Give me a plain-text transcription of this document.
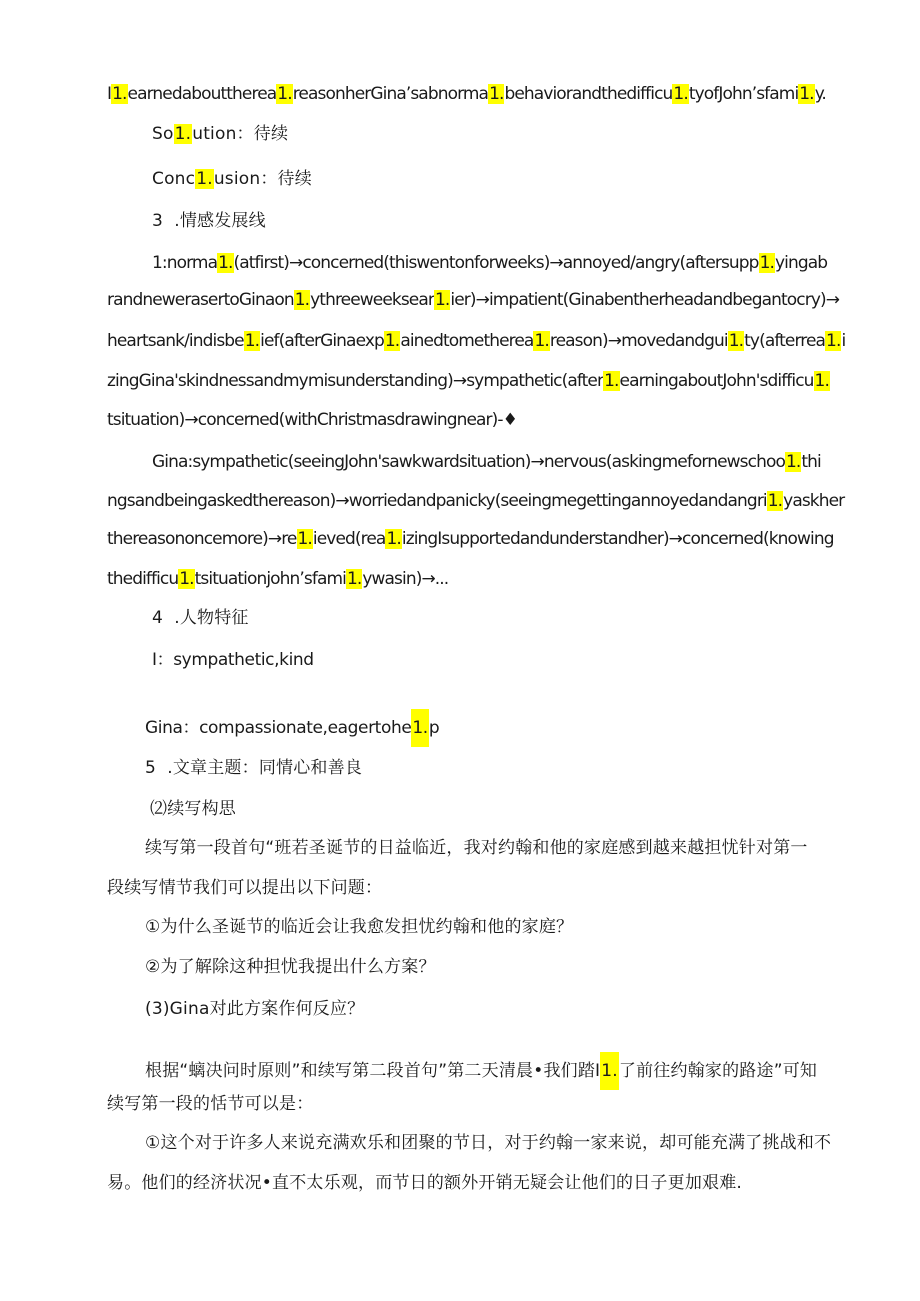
I1.earnedabouttherea1.reasonherGina’sabnorma1.behaviorandthedifficu1.tyofJohn’sfami1.y.
So1.ution：待续
Conc1.usion：待续
3  .情感发展线
1:norma1.(atfirst)→concerned(thiswentonforweeks)→annoyed/angry(aftersupp1.yingab
randnewerasertoGinaon1.ythreeweeksear1.ier)→impatient(Ginabentherheadandbegantocry)→
heartsank/indisbe1.ief(afterGinaexp1.ainedtometherea1.reason)→movedandgui1.ty(afterrea1.i
zingGina'skindnessandmymisunderstanding)→sympathetic(after1.earningaboutJohn'sdifficu1.
tsituation)→concerned(withChristmasdrawingnear)-♦
Gina:sympathetic(seeingJohn'sawkwardsituation)→nervous(askingmefornewschoo1.thi
ngsandbeingaskedthereason)→worriedandpanicky(seeingmegettingannoyedandangri1.yaskher
thereasononcemore)→re1.ieved(rea1.izingIsupportedandunderstandher)→concerned(knowing
thedifficu1.tsituationjohn’sfami1.ywasin)→...
4  .人物特征
I：sympathetic,kind
Gina：compassionate,eagertohe1.p
5  .文章主题：同情心和善良
⑵续写构思
续写第一段首句“班若圣诞节的日益临近，我对约翰和他的家庭感到越来越担忧针对第一
段续写情节我们可以提出以下问题：
①为什么圣诞节的临近会让我愈发担忧约翰和他的家庭？
②为了解除这种担忧我提出什么方案？
(3)Gina对此方案作何反应？
根据“螭决问时原则”和续写第二段首句”第二天清晨•我们踏I1.了前往约翰家的路途”可知
续写第一段的恬节可以是：
①这个对于许多人来说充满欢乐和团聚的节日，对于约翰一家来说，却可能充满了挑战和不
易。他们的经济状况•直不太乐观，而节日的额外开销无疑会让他们的日子更加艰难.
